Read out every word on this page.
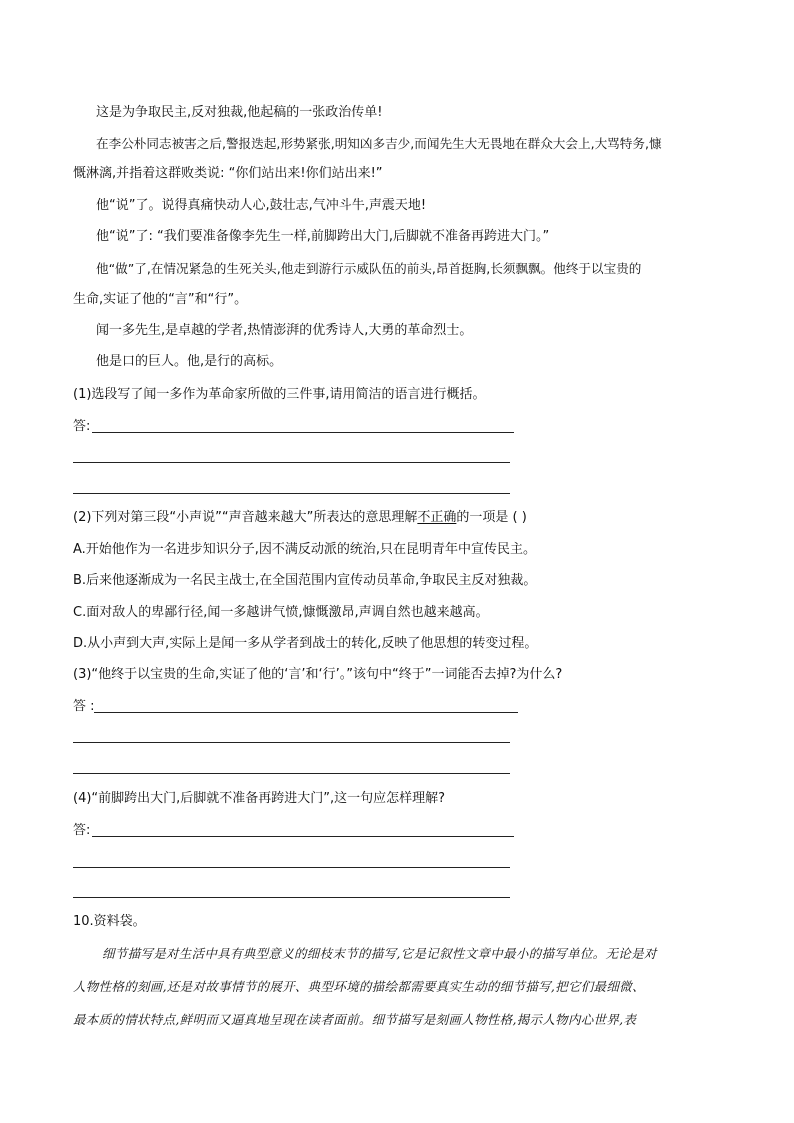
这是为争取民主,反对独裁,他起稿的一张政治传单!
在李公朴同志被害之后,警报迭起,形势紧张,明知凶多吉少,而闻先生大无畏地在群众大会上,大骂特务,慷
慨淋漓,并指着这群败类说: “你们站出来!你们站出来!”
他“说”了。说得真痛快动人心,鼓壮志,气冲斗牛,声震天地!
他“说”了: “我们要准备像李先生一样,前脚跨出大门,后脚就不准备再跨进大门。”
他“做”了,在情况紧急的生死关头,他走到游行示威队伍的前头,昂首挺胸,长须飘飘。他终于以宝贵的
生命,实证了他的“言”和“行”。
闻一多先生,是卓越的学者,热情澎湃的优秀诗人,大勇的革命烈士。
他是口的巨人。他,是行的高标。
(1)选段写了闻一多作为革命家所做的三件事,请用简洁的语言进行概括。
答:
(2)下列对第三段“小声说”“声音越来越大”所表达的意思理解不正确的一项是 ( )
A.开始他作为一名进步知识分子,因不满反动派的统治,只在昆明青年中宣传民主。
B.后来他逐渐成为一名民主战士,在全国范围内宣传动员革命,争取民主反对独裁。
C.面对敌人的卑鄙行径,闻一多越讲气愤,慷慨激昂,声调自然也越来越高。
D.从小声到大声,实际上是闻一多从学者到战士的转化,反映了他思想的转变过程。
(3)“他终于以宝贵的生命,实证了他的‘言’和‘行’。”该句中“终于”一词能否去掉?为什么?
答 :
(4)“前脚跨出大门,后脚就不准备再跨进大门”,这一句应怎样理解?
答:
10.资料袋。
细节描写是对生活中具有典型意义的细枝末节的描写,它是记叙性文章中最小的描写单位。无论是对
人物性格的刻画,还是对故事情节的展开、典型环境的描绘都需要真实生动的细节描写,把它们最细微、
最本质的情状特点,鲜明而又逼真地呈现在读者面前。细节描写是刻画人物性格,揭示人物内心世界,表
